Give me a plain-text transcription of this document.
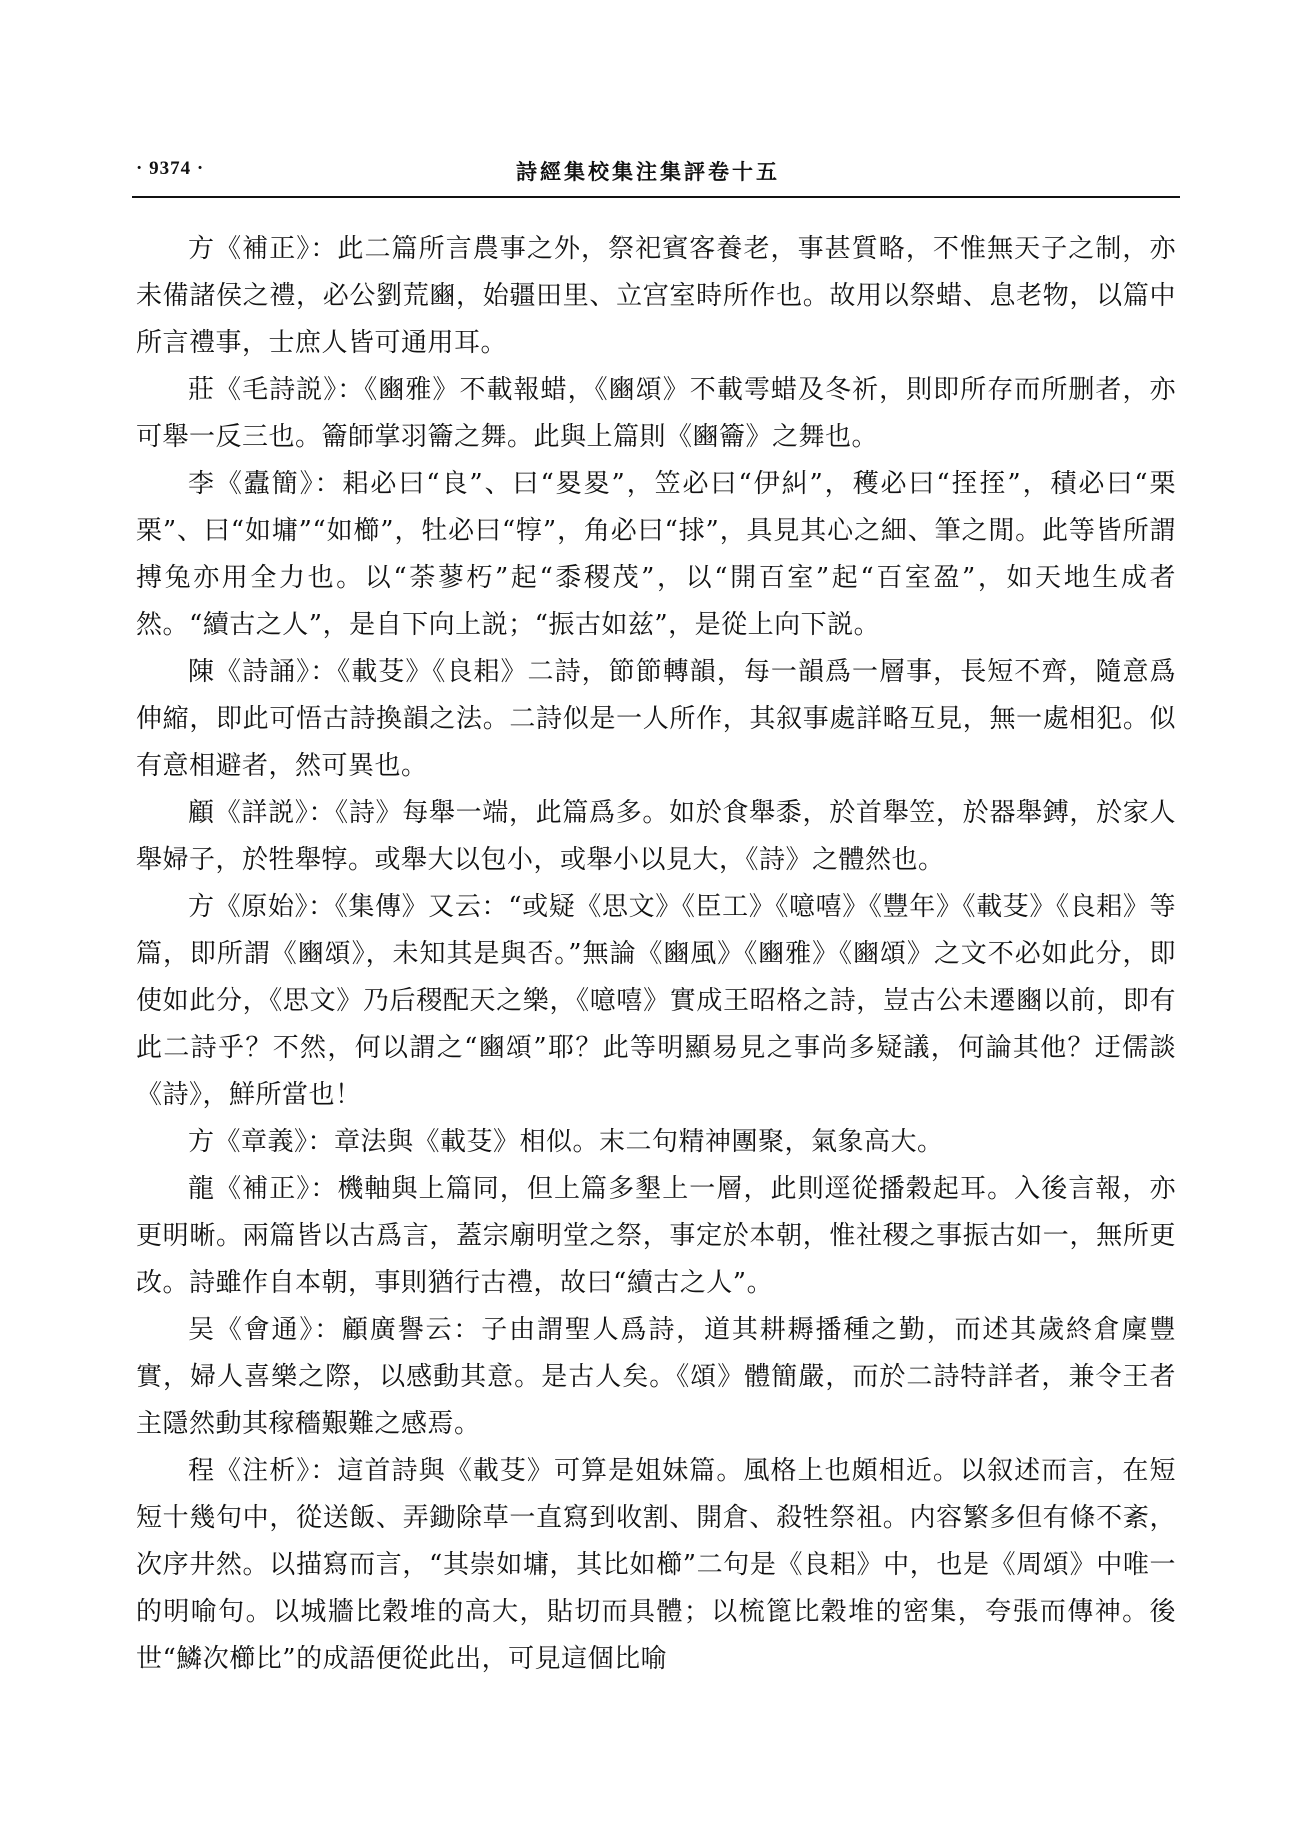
· 9374 ·	詩經集校集注集評卷十五

方《補正》：此二篇所言農事之外，祭祀賓客養老，事甚質略，不惟無天子之制，亦未備諸侯之禮，必公劉荒豳，始疆田里、立宫室時所作也。故用以祭蜡、息老物，以篇中所言禮事，士庶人皆可通用耳。

莊《毛詩説》：《豳雅》不載報蜡，《豳頌》不載雩蜡及冬祈，則即所存而所删者，亦可舉一反三也。籥師掌羽籥之舞。此與上篇則《豳籥》之舞也。

李《蠹簡》：耜必曰“良”、曰“畟畟”，笠必曰“伊糾”，穫必曰“挃挃”，積必曰“栗栗”、曰“如墉”“如櫛”，牡必曰“犉”，角必曰“捄”，具見其心之細、筆之閒。此等皆所謂搏兔亦用全力也。以“荼蓼朽”起“黍稷茂”，以“開百室”起“百室盈”，如天地生成者然。“續古之人”，是自下向上説；“振古如兹”，是從上向下説。

陳《詩誦》：《載芟》《良耜》二詩，節節轉韻，每一韻爲一層事，長短不齊，隨意爲伸縮，即此可悟古詩換韻之法。二詩似是一人所作，其叙事處詳略互見，無一處相犯。似有意相避者，然可異也。

顧《詳説》：《詩》每舉一端，此篇爲多。如於食舉黍，於首舉笠，於器舉鎛，於家人舉婦子，於牲舉犉。或舉大以包小，或舉小以見大，《詩》之體然也。

方《原始》：《集傳》又云：“或疑《思文》《臣工》《噫嘻》《豐年》《載芟》《良耜》等篇，即所謂《豳頌》，未知其是與否。”無論《豳風》《豳雅》《豳頌》之文不必如此分，即使如此分，《思文》乃后稷配天之樂，《噫嘻》實成王昭格之詩，豈古公未遷豳以前，即有此二詩乎？不然，何以謂之“豳頌”耶？此等明顯易見之事尚多疑議，何論其他？迂儒談《詩》，鮮所當也！

方《章義》：章法與《載芟》相似。末二句精神團聚，氣象高大。

龍《補正》：機軸與上篇同，但上篇多墾上一層，此則逕從播穀起耳。入後言報，亦更明晰。兩篇皆以古爲言，蓋宗廟明堂之祭，事定於本朝，惟社稷之事振古如一，無所更改。詩雖作自本朝，事則猶行古禮，故曰“續古之人”。

吴《會通》：顧廣譽云：子由謂聖人爲詩，道其耕耨播種之勤，而述其歲終倉廩豐實，婦人喜樂之際，以感動其意。是古人矣。《頌》體簡嚴，而於二詩特詳者，兼令王者主隱然動其稼穡艱難之感焉。

程《注析》：這首詩與《載芟》可算是姐妹篇。風格上也頗相近。以叙述而言，在短短十幾句中，從送飯、弄鋤除草一直寫到收割、開倉、殺牲祭祖。内容繁多但有條不紊，次序井然。以描寫而言，“其崇如墉，其比如櫛”二句是《良耜》中，也是《周頌》中唯一的明喻句。以城牆比穀堆的高大，貼切而具體；以梳篦比穀堆的密集，夸張而傳神。後世“鱗次櫛比”的成語便從此出，可見這個比喻
